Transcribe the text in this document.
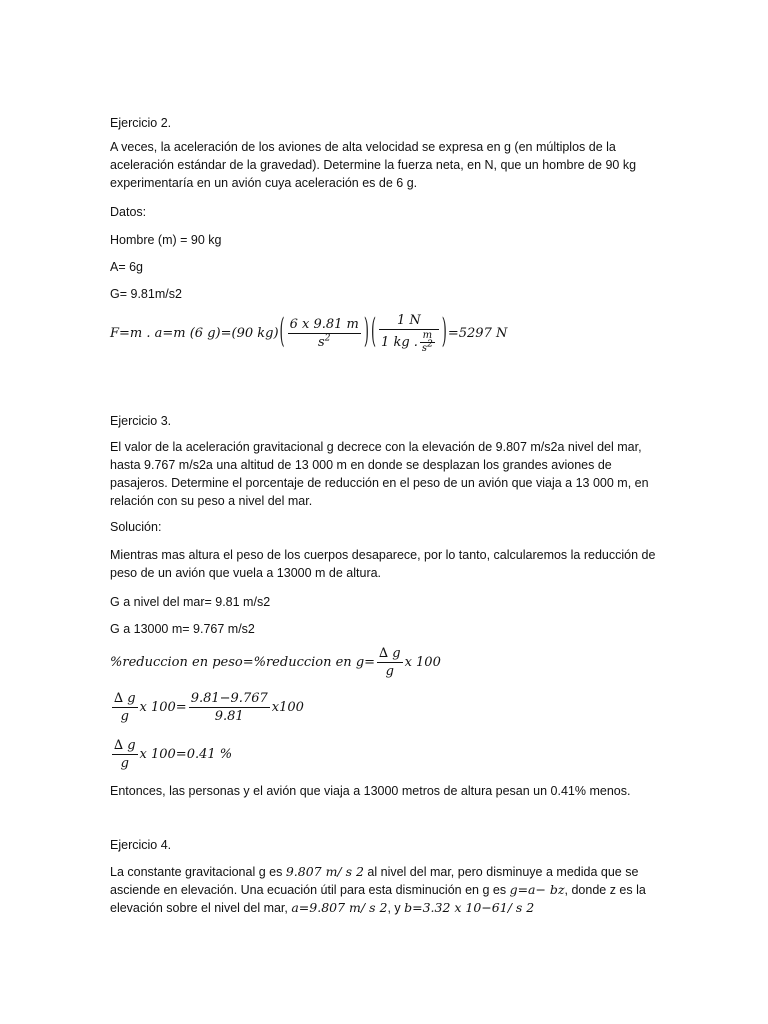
Ejercicio 2.

A veces, la aceleración de los aviones de alta velocidad se expresa en g (en múltiplos de la aceleración estándar de la gravedad). Determine la fuerza neta, en N, que un hombre de 90 kg experimentaría en un avión cuya aceleración es de 6 g.

Datos:

Hombre (m) = 90 kg

A= 6g

G= 9.81m/s2

F=m . a=m (6 g)=(90 $kg)( \frac{6 x 9.81 m}{s^2}$ ) ( $\frac{1 N}{1 kg . \frac{m}{s^2}} )=5297$ N

Ejercicio 3.

El valor de la aceleración gravitacional g decrece con la elevación de 9.807 m/s2a nivel del mar, hasta 9.767 m/s2a una altitud de 13 000 m en donde se desplazan los grandes aviones de pasajeros. Determine el porcentaje de reducción en el peso de un avión que viaja a 13 000 m, en relación con su peso a nivel del mar.

Solución:

Mientras mas altura el peso de los cuerpos desaparece, por lo tanto, calcularemos la reducción de peso de un avión que vuela a 13000 m de altura.

G a nivel del mar= 9.81 m/s2

G a 13000 m= 9.767 m/s2

%reduccion en peso=%reduccion en $g= \frac{\Delta g}{g}$ x 100
$\frac{\Delta g}{g}$ x $100= \frac{9.81-9.767}{9.81} x100$
$\frac{\Delta g}{g}$ x 100=0.41 %

Entonces, las personas y el avión que viaja a 13000 metros de altura pesan un 0.41% menos.

Ejercicio 4.

La constante gravitacional g es 9.807 m/ s 2 al nivel del mar, pero disminuye a medida que se asciende en elevación. Una ecuación útil para esta disminución en g es g=a− bz, donde z es la elevación sobre el nivel del mar, a=9.807 m/ s 2, y b=3.32 x 10−61/ s 2
